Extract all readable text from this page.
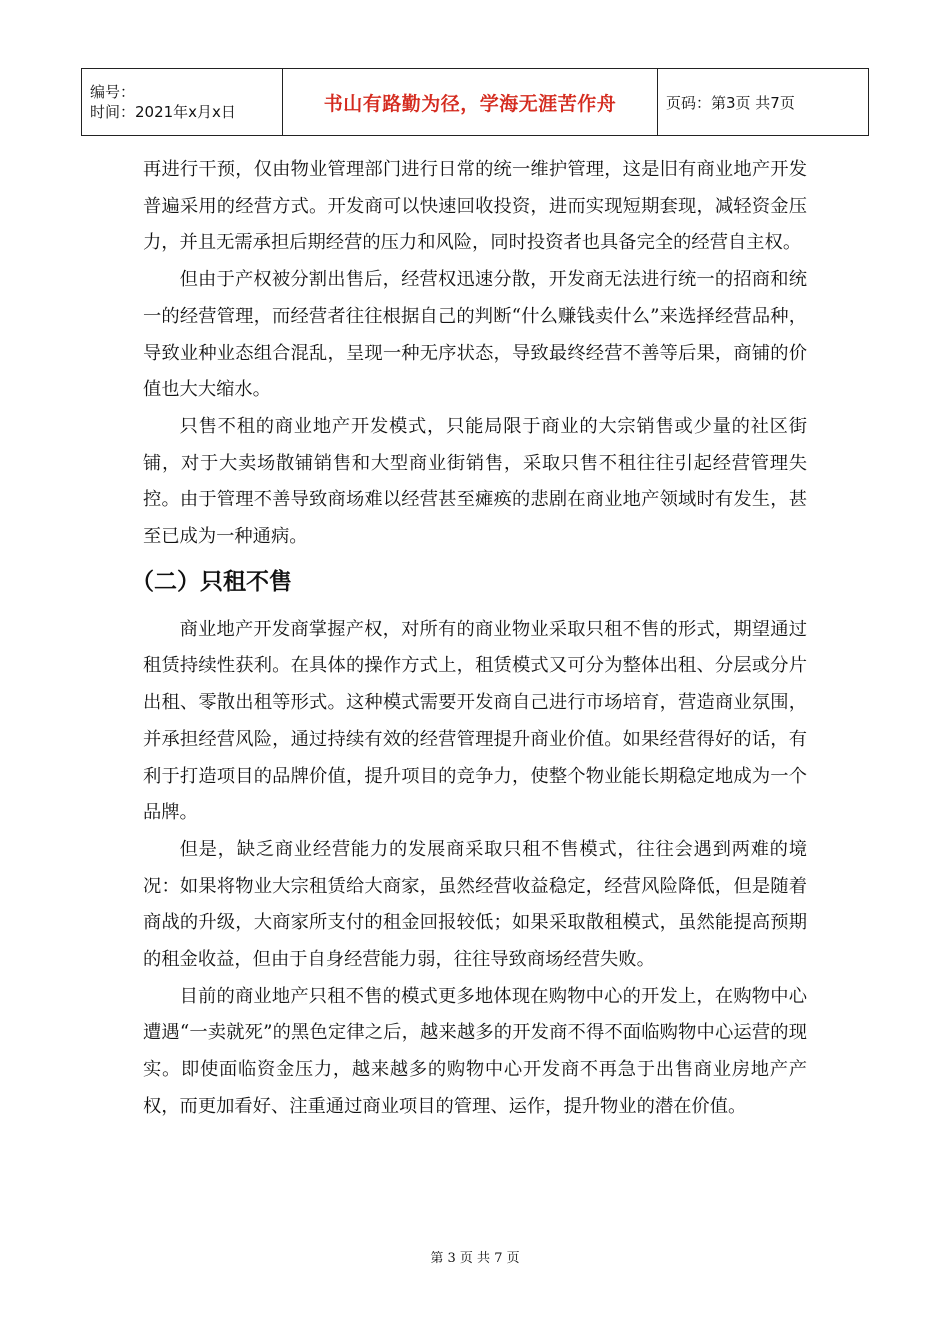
编号：
时间：2021年x月x日	书山有路勤为径，学海无涯苦作舟	页码：第3页 共7页

再进行干预，仅由物业管理部门进行日常的统一维护管理，这是旧有商业地产开发普遍采用的经营方式。开发商可以快速回收投资，进而实现短期套现，减轻资金压力，并且无需承担后期经营的压力和风险，同时投资者也具备完全的经营自主权。

但由于产权被分割出售后，经营权迅速分散，开发商无法进行统一的招商和统一的经营管理，而经营者往往根据自己的判断“什么赚钱卖什么”来选择经营品种，导致业种业态组合混乱，呈现一种无序状态，导致最终经营不善等后果，商铺的价值也大大缩水。

只售不租的商业地产开发模式，只能局限于商业的大宗销售或少量的社区街铺，对于大卖场散铺销售和大型商业街销售，采取只售不租往往引起经营管理失控。由于管理不善导致商场难以经营甚至瘫痪的悲剧在商业地产领域时有发生，甚至已成为一种通病。

（二）只租不售

商业地产开发商掌握产权，对所有的商业物业采取只租不售的形式，期望通过租赁持续性获利。在具体的操作方式上，租赁模式又可分为整体出租、分层或分片出租、零散出租等形式。这种模式需要开发商自己进行市场培育，营造商业氛围，并承担经营风险，通过持续有效的经营管理提升商业价值。如果经营得好的话，有利于打造项目的品牌价值，提升项目的竞争力，使整个物业能长期稳定地成为一个品牌。

但是，缺乏商业经营能力的发展商采取只租不售模式，往往会遇到两难的境况：如果将物业大宗租赁给大商家，虽然经营收益稳定，经营风险降低，但是随着商战的升级，大商家所支付的租金回报较低；如果采取散租模式，虽然能提高预期的租金收益，但由于自身经营能力弱，往往导致商场经营失败。

目前的商业地产只租不售的模式更多地体现在购物中心的开发上，在购物中心遭遇“一卖就死”的黑色定律之后，越来越多的开发商不得不面临购物中心运营的现实。即使面临资金压力，越来越多的购物中心开发商不再急于出售商业房地产产权，而更加看好、注重通过商业项目的管理、运作，提升物业的潜在价值。

第 3 页 共 7 页
